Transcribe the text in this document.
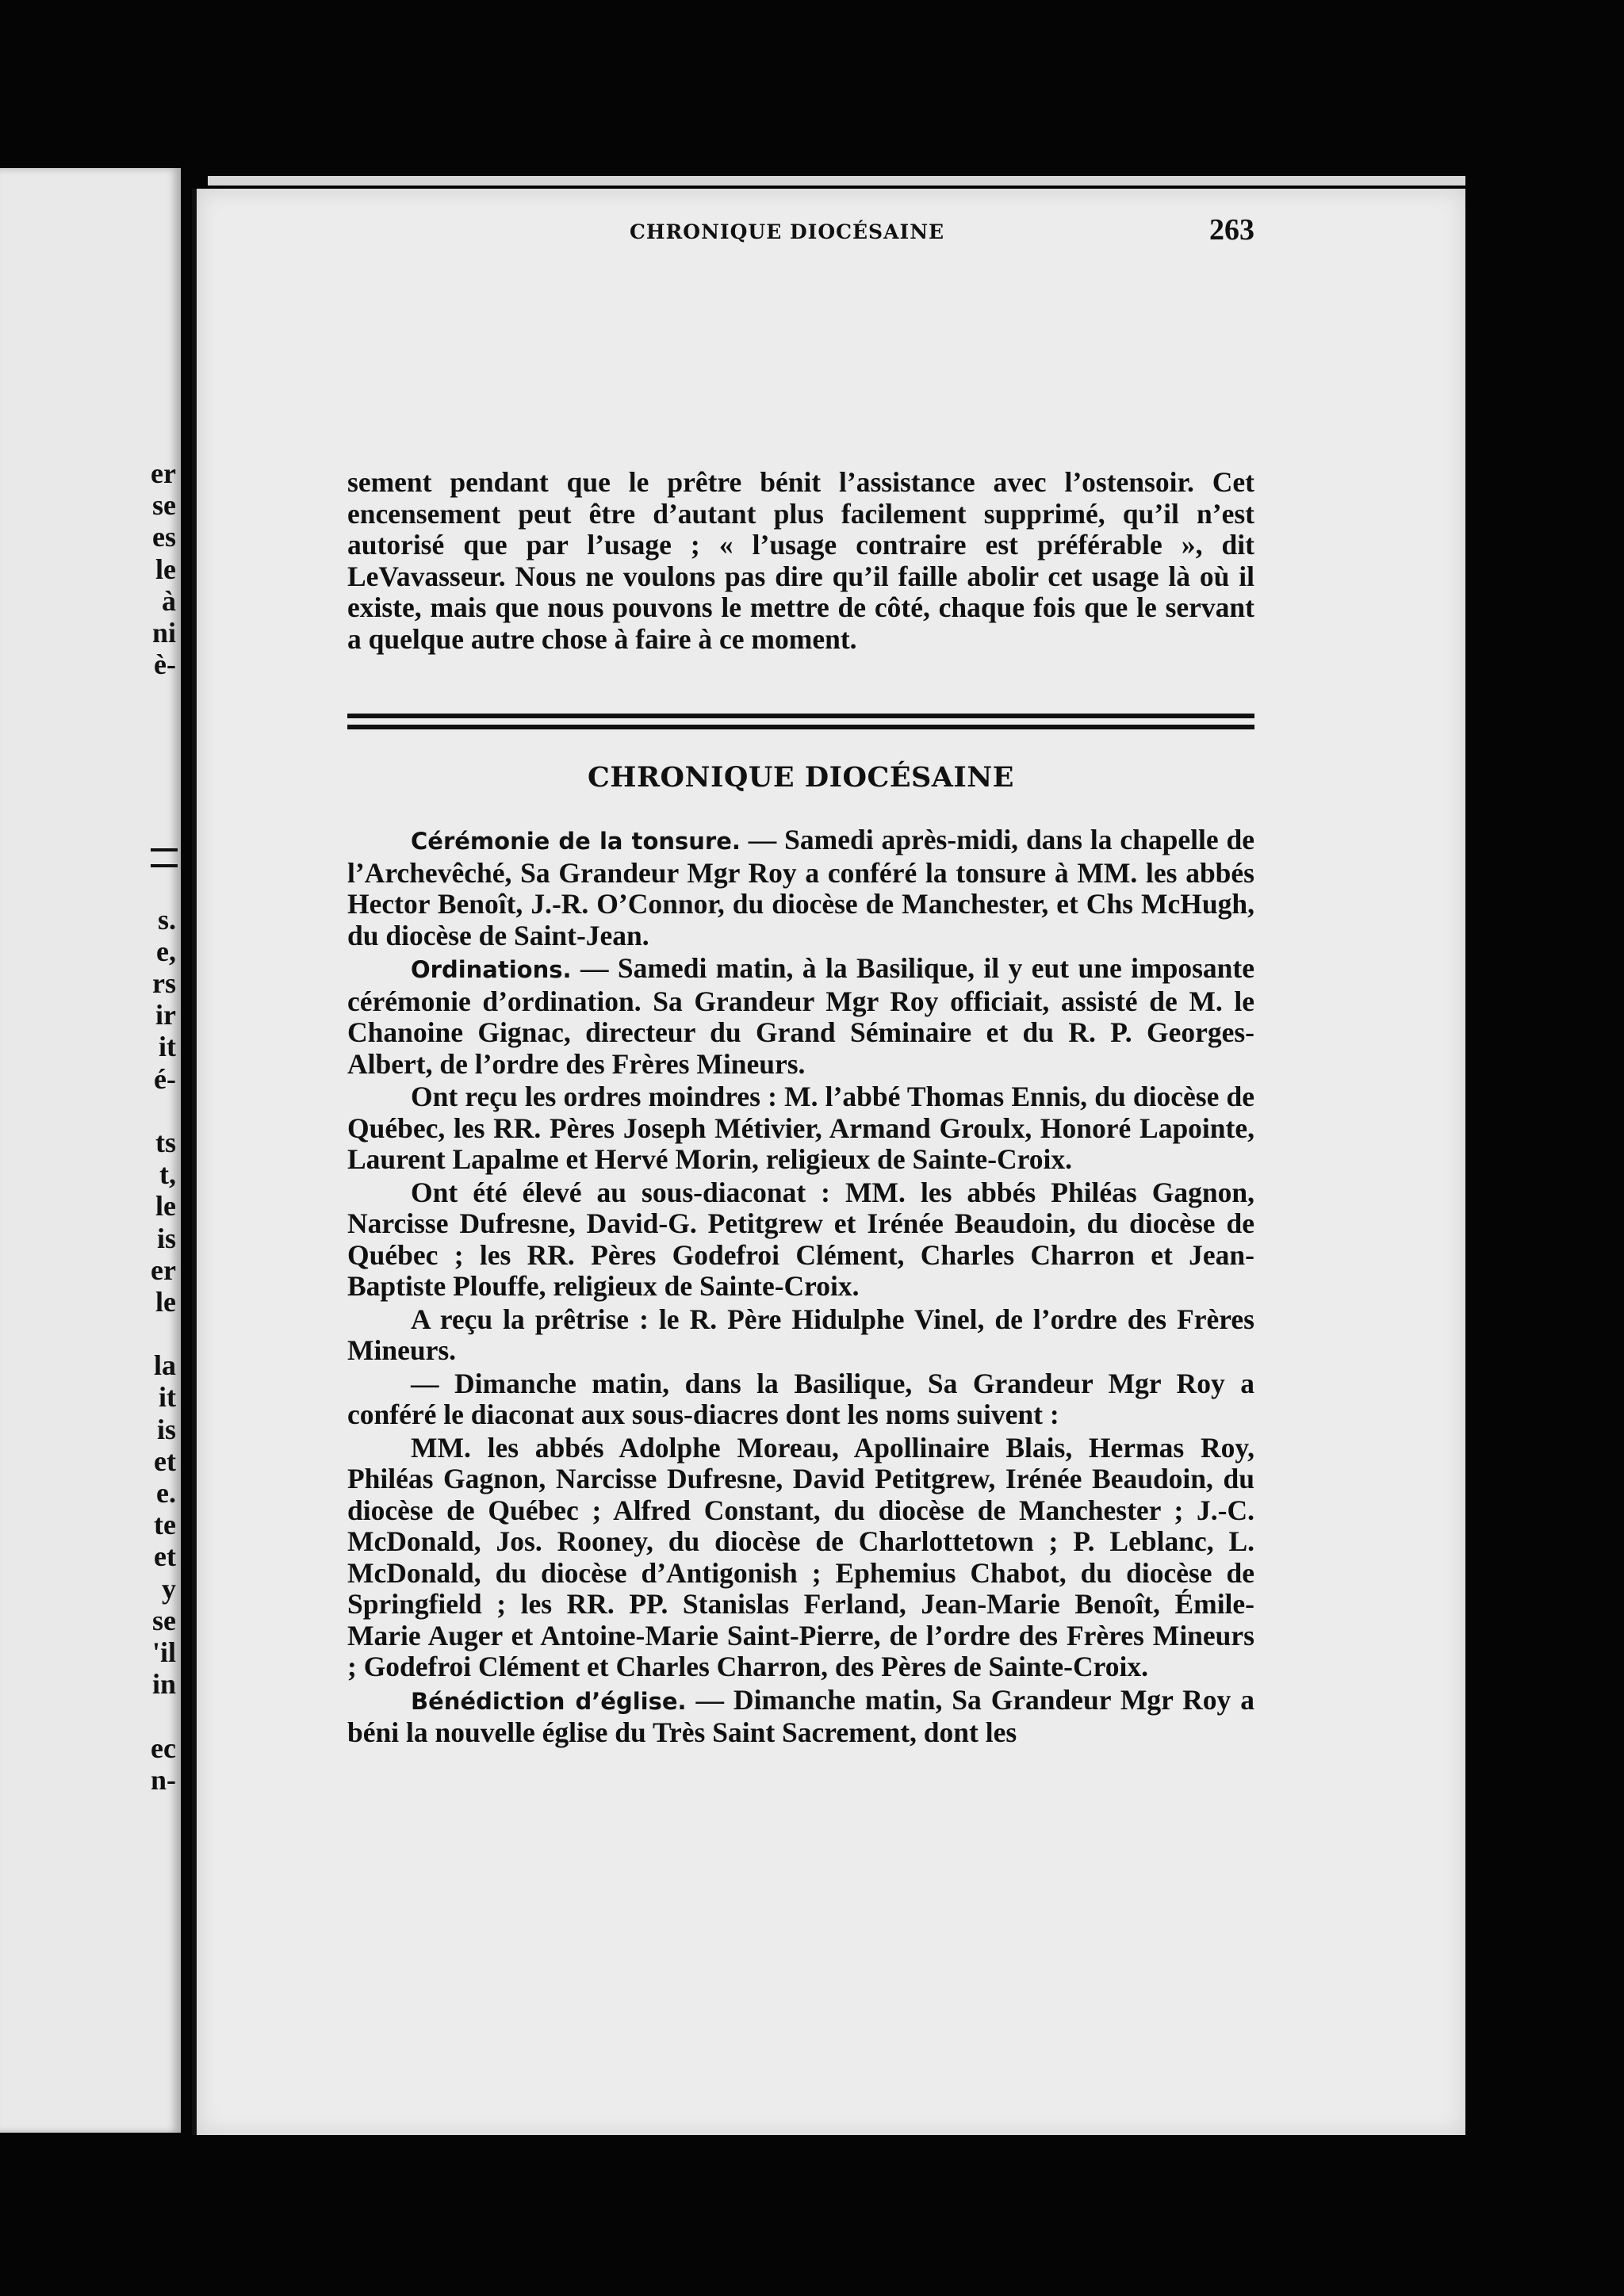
er
se
es
le
à
ni
è-
s.
e,
rs
ir
it
é-
ts
t,
le
is
er
le
la
it
is
et
e.
te
et
y
se
'il
in
ec
n-
CHRONIQUE DIOCÉSAINE	263

sement pendant que le prêtre bénit l’assistance avec l’ostensoir. Cet encensement peut être d’autant plus facilement supprimé, qu’il n’est autorisé que par l’usage ; « l’usage contraire est préférable », dit LeVavasseur. Nous ne voulons pas dire qu’il faille abolir cet usage là où il existe, mais que nous pouvons le mettre de côté, chaque fois que le servant a quelque autre chose à faire à ce moment.

CHRONIQUE DIOCÉSAINE

Cérémonie de la tonsure. — Samedi après-midi, dans la chapelle de l’Archevêché, Sa Grandeur Mgr Roy a conféré la tonsure à MM. les abbés Hector Benoît, J.-R. O’Connor, du diocèse de Manchester, et Chs McHugh, du diocèse de Saint-Jean.

Ordinations. — Samedi matin, à la Basilique, il y eut une imposante cérémonie d’ordination. Sa Grandeur Mgr Roy officiait, assisté de M. le Chanoine Gignac, directeur du Grand Séminaire et du R. P. Georges-Albert, de l’ordre des Frères Mineurs.

Ont reçu les ordres moindres : M. l’abbé Thomas Ennis, du diocèse de Québec, les RR. Pères Joseph Métivier, Armand Groulx, Honoré Lapointe, Laurent Lapalme et Hervé Morin, religieux de Sainte-Croix.

Ont été élevé au sous-diaconat : MM. les abbés Philéas Gagnon, Narcisse Dufresne, David-G. Petitgrew et Irénée Beaudoin, du diocèse de Québec ; les RR. Pères Godefroi Clément, Charles Charron et Jean-Baptiste Plouffe, religieux de Sainte-Croix.

A reçu la prêtrise : le R. Père Hidulphe Vinel, de l’ordre des Frères Mineurs.

— Dimanche matin, dans la Basilique, Sa Grandeur Mgr Roy a conféré le diaconat aux sous-diacres dont les noms suivent :

MM. les abbés Adolphe Moreau, Apollinaire Blais, Hermas Roy, Philéas Gagnon, Narcisse Dufresne, David Petitgrew, Irénée Beaudoin, du diocèse de Québec ; Alfred Constant, du diocèse de Manchester ; J.-C. McDonald, Jos. Rooney, du diocèse de Charlottetown ; P. Leblanc, L. McDonald, du diocèse d’Antigonish ; Ephemius Chabot, du diocèse de Springfield ; les RR. PP. Stanislas Ferland, Jean-Marie Benoît, Émile-Marie Auger et Antoine-Marie Saint-Pierre, de l’ordre des Frères Mineurs ; Godefroi Clément et Charles Charron, des Pères de Sainte-Croix.

Bénédiction d’église. — Dimanche matin, Sa Grandeur Mgr Roy a béni la nouvelle église du Très Saint Sacrement, dont les
